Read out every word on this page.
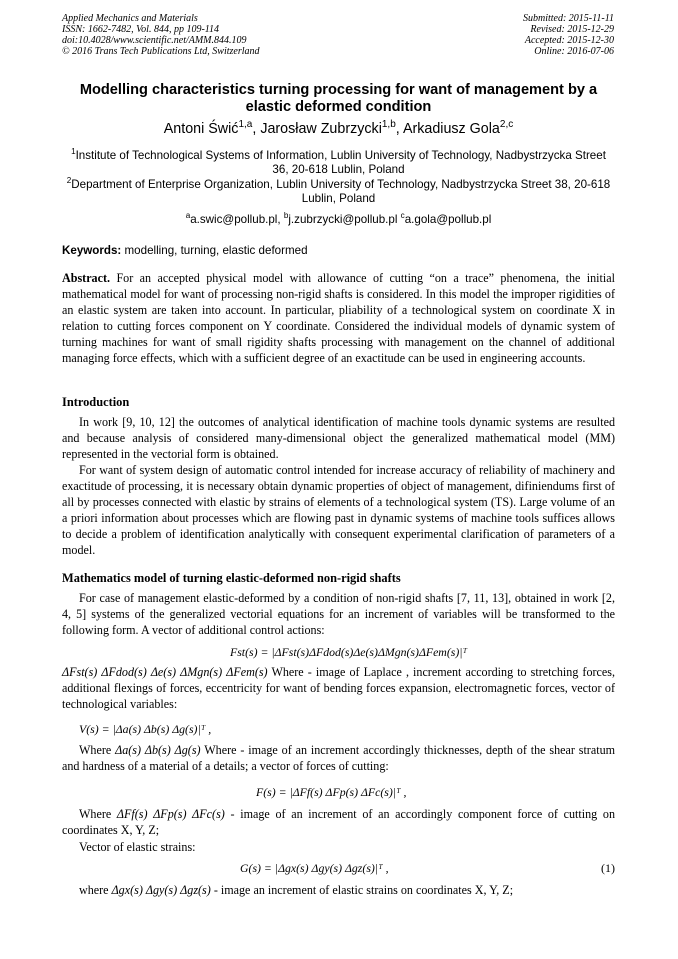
Applied Mechanics and Materials
ISSN: 1662-7482, Vol. 844, pp 109-114
doi:10.4028/www.scientific.net/AMM.844.109
© 2016 Trans Tech Publications Ltd, Switzerland
Submitted: 2015-11-11
Revised: 2015-12-29
Accepted: 2015-12-30
Online: 2016-07-06
Modelling characteristics turning processing for want of management by a elastic deformed condition
Antoni Świć$^{1,a}$, Jarosław Zubrzycki$^{1,b}$, Arkadiusz Gola$^{2,c}$
$^1$Institute of Technological Systems of Information, Lublin University of Technology, Nadbystrzycka Street 36, 20-618 Lublin, Poland
$^2$Department of Enterprise Organization, Lublin University of Technology, Nadbystrzycka Street 38, 20-618 Lublin, Poland
$^a$a.swic@pollub.pl, $^b$j.zubrzycki@pollub.pl $^c$a.gola@pollub.pl
Keywords: modelling, turning, elastic deformed
Abstract. For an accepted physical model with allowance of cutting “on a trace” phenomena, the initial mathematical model for want of processing non-rigid shafts is considered. In this model the improper rigidities of an elastic system are taken into account. In particular, pliability of a technological system on coordinate X in relation to cutting forces component on Y coordinate. Considered the individual models of dynamic system of turning machines for want of small rigidity shafts processing with management on the channel of additional managing force effects, which with a sufficient degree of an exactitude can be used in engineering accounts.
Introduction
In work [9, 10, 12] the outcomes of analytical identification of machine tools dynamic systems are resulted and because analysis of considered many-dimensional object the generalized mathematical model (MM) represented in the vectorial form is obtained.
For want of system design of automatic control intended for increase accuracy of reliability of machinery and exactitude of processing, it is necessary obtain dynamic properties of object of management, difiniendums first of all by processes connected with elastic by strains of elements of a technological system (TS). Large volume of an a priori information about processes which are flowing past in dynamic systems of machine tools suffices allows to decide a problem of identification analytically with consequent experimental clarification of parameters of a model.
Mathematics model of turning elastic-deformed non-rigid shafts
For case of management elastic-deformed by a condition of non-rigid shafts [7, 11, 13], obtained in work [2, 4, 5] systems of the generalized vectorial equations for an increment of variables will be transformed to the following form. A vector of additional control actions:
Fst(s) = |ΔFst(s)ΔFdod(s)Δe(s)ΔMgn(s)ΔFem(s)|ᵀ
ΔFst(s) ΔFdod(s) Δe(s) ΔMgn(s) ΔFem(s) Where - image of Laplace , increment according to stretching forces, additional flexings of forces, eccentricity for want of bending forces expansion, electromagnetic forces, vector of technological variables:
V(s) = |Δa(s) Δb(s) Δg(s)|ᵀ ,
Where Δa(s) Δb(s) Δg(s) Where - image of an increment accordingly thicknesses, depth of the shear stratum and hardness of a material of a details; a vector of forces of cutting:
F(s) = |ΔFf(s) ΔFp(s) ΔFc(s)|ᵀ ,
Where ΔFf(s) ΔFp(s) ΔFc(s) - image of an increment of an accordingly component force of cutting on coordinates X, Y, Z;
Vector of elastic strains:
G(s) = |Δgx(s) Δgy(s) Δgz(s)|ᵀ ,	(1)
where Δgx(s) Δgy(s) Δgz(s) - image an increment of elastic strains on coordinates X, Y, Z;
